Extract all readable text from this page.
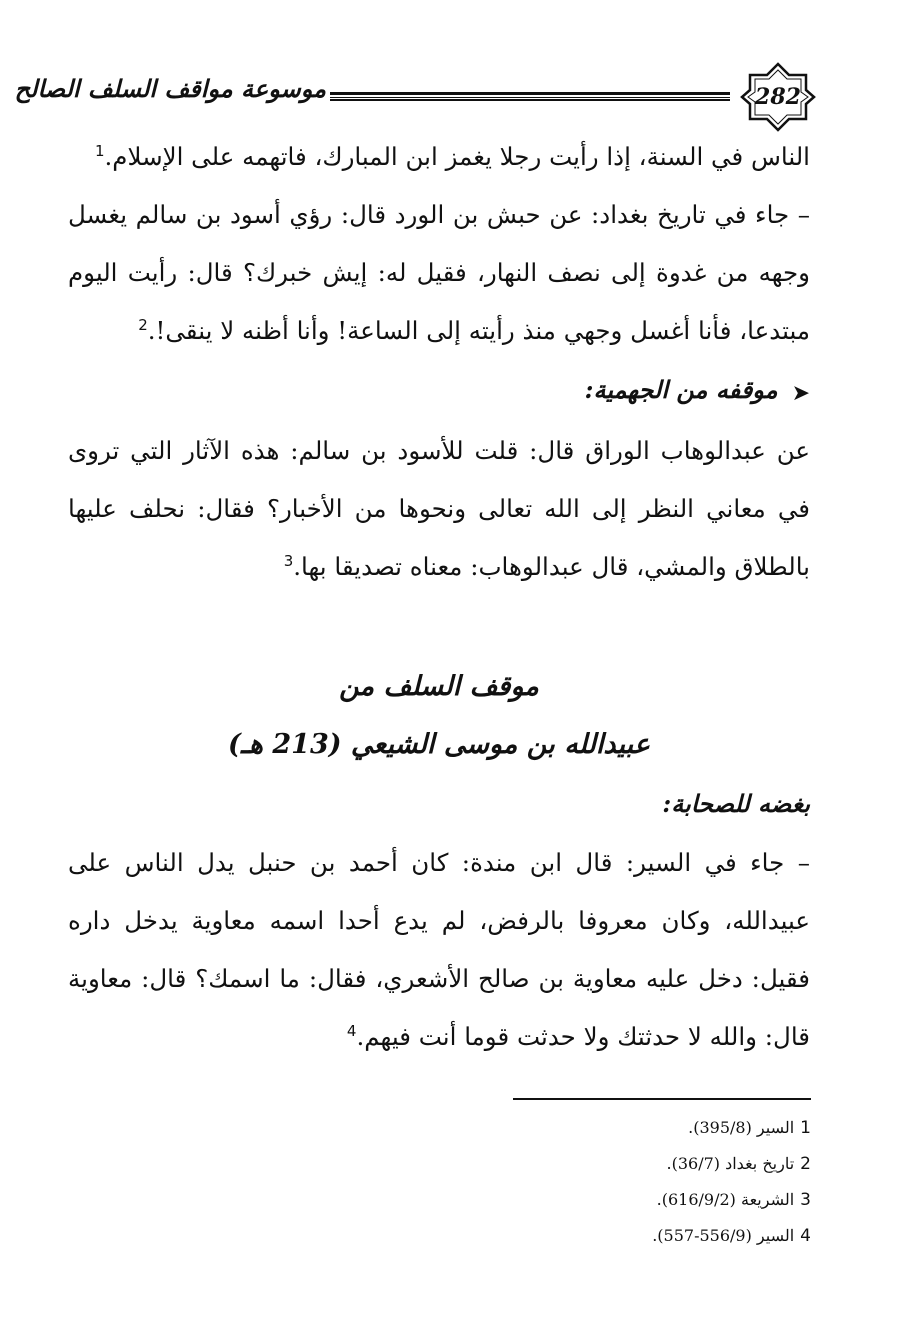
282
موسوعة مواقف السلف الصالح

الناس في السنة، إذا رأيت رجلا يغمز ابن المبارك، فاتهمه على الإسلام.$^1$

– جاء في تاريخ بغداد: عن حبش بن الورد قال: رؤي أسود بن سالم يغسل وجهه من غدوة إلى نصف النهار، فقيل له: إيش خبرك؟ قال: رأيت اليوم مبتدعا، فأنا أغسل وجهي منذ رأيته إلى الساعة! وأنا أظنه لا ينقى!.$^2$

➤موقفه من الجهمية:

عن عبدالوهاب الوراق قال: قلت للأسود بن سالم: هذه الآثار التي تروى في معاني النظر إلى الله تعالى ونحوها من الأخبار؟ فقال: نحلف عليها بالطلاق والمشي، قال عبدالوهاب: معناه تصديقا بها.$^3$

موقف السلف من

عبيدالله بن موسى الشيعي (213 هـ)

بغضه للصحابة:

– جاء في السير: قال ابن مندة: كان أحمد بن حنبل يدل الناس على عبيدالله، وكان معروفا بالرفض، لم يدع أحدا اسمه معاوية يدخل داره فقيل: دخل عليه معاوية بن صالح الأشعري، فقال: ما اسمك؟ قال: معاوية قال: والله لا حدثتك ولا حدثت قوما أنت فيهم.$^4$

1السير (395/8).

2تاريخ بغداد (36/7).

3الشريعة (616/9/2).

4السير (556/9-557).
